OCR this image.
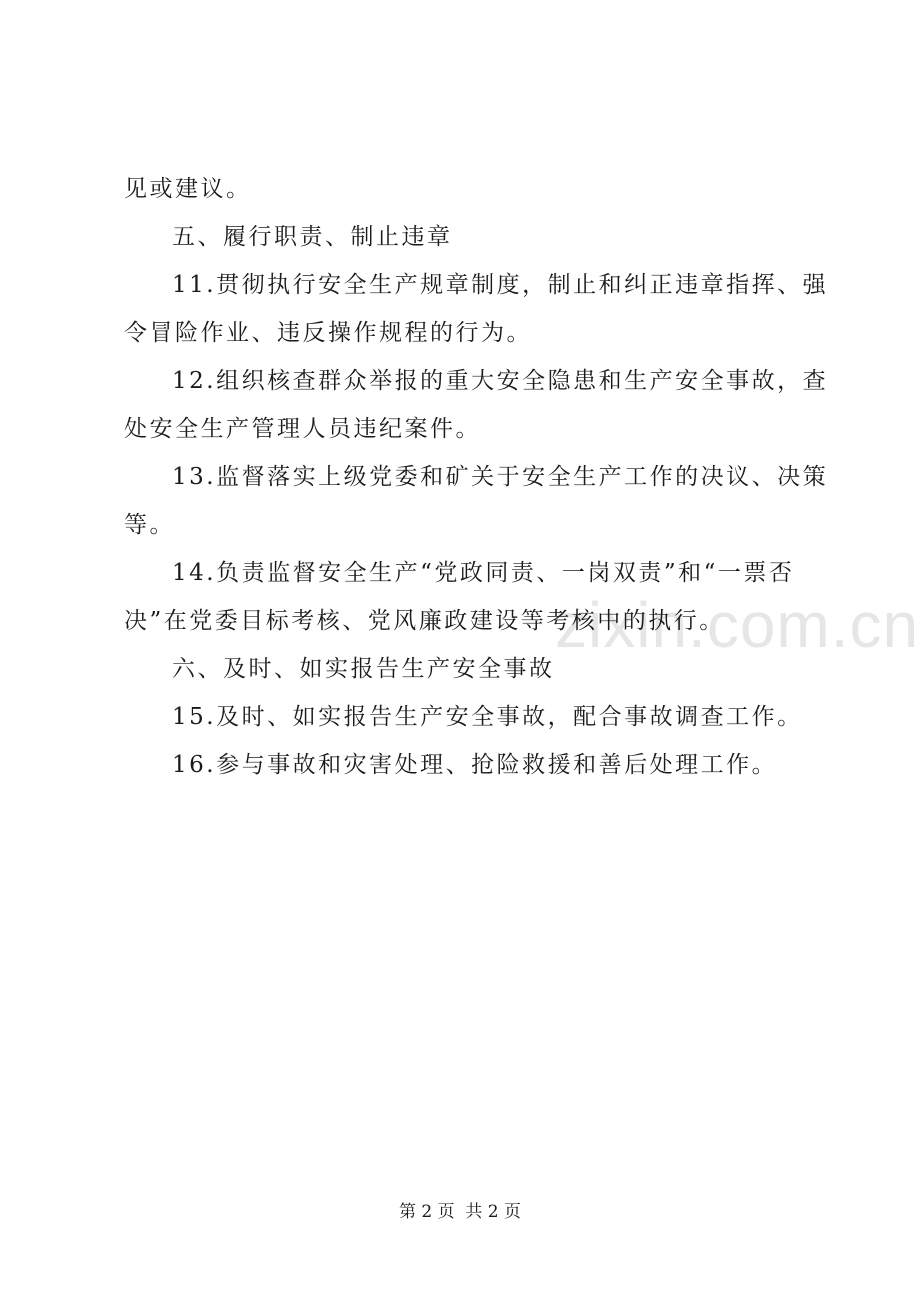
zixin.com.cn
见或建议。
五、履行职责、制止违章
11.贯彻执行安全生产规章制度，制止和纠正违章指挥、强
令冒险作业、违反操作规程的行为。
12.组织核查群众举报的重大安全隐患和生产安全事故，查
处安全生产管理人员违纪案件。
13.监督落实上级党委和矿关于安全生产工作的决议、决策
等。
14.负责监督安全生产“党政同责、一岗双责”和“一票否
决”在党委目标考核、党风廉政建设等考核中的执行。
六、及时、如实报告生产安全事故
15.及时、如实报告生产安全事故，配合事故调查工作。
16.参与事故和灾害处理、抢险救援和善后处理工作。
第 2 页 共 2 页
